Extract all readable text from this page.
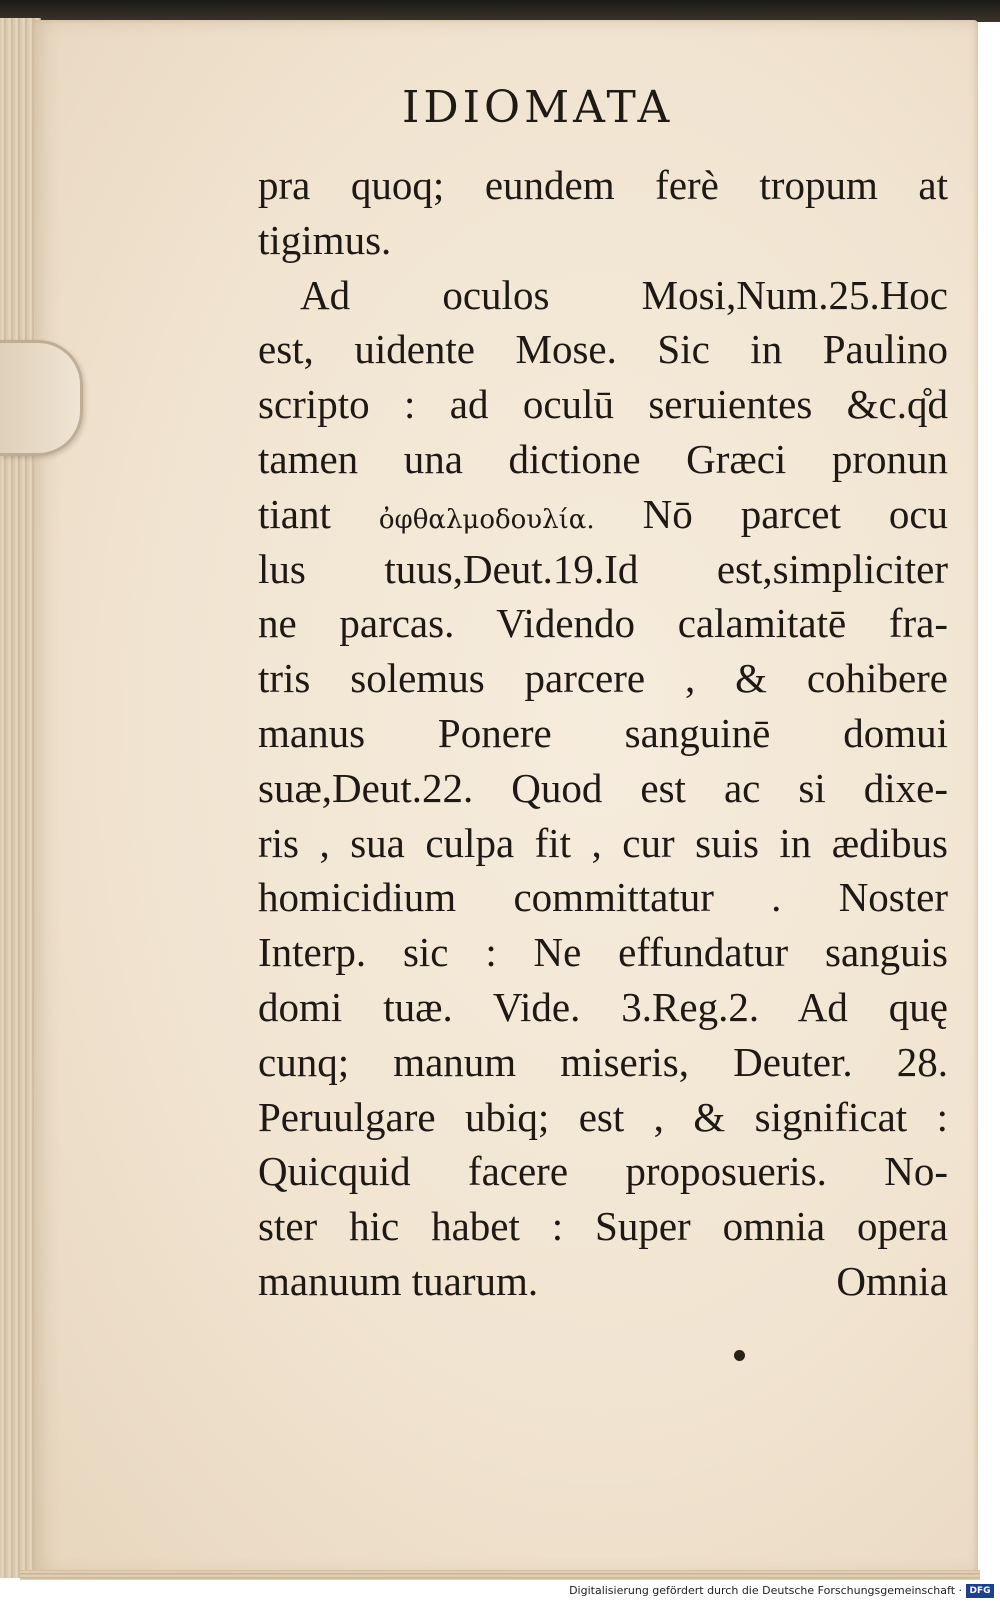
IDIOMATA
pra quoq; eundem ferè tropum at
tigimus.
Ad oculos Mosi,Num.25.Hoc
est, uidente Mose. Sic in Paulino
scripto : ad oculū seruientes &c.q̊d
tamen una dictione Græci pronun
tiant ὀφθαλμοδουλία. Nō parcet ocu
lus tuus,Deut.19.Id est,simpliciter
ne parcas. Videndo calamitatē fra-
tris solemus parcere , & cohibere
manus Ponere sanguinē domui
suæ,Deut.22. Quod est ac si dixe-
ris , sua culpa fit , cur suis in ædibus
homicidium committatur . Noster
Interp. sic : Ne effundatur sanguis
domi tuæ. Vide. 3.Reg.2. Ad quę
cunq; manum miseris, Deuter. 28.
Peruulgare ubiq; est , & significat :
Quicquid facere proposueris. No-
ster hic habet : Super omnia opera
manuum tuarum.	Omnia
Digitalisierung gefördert durch die Deutsche Forschungsgemeinschaft · DFG
